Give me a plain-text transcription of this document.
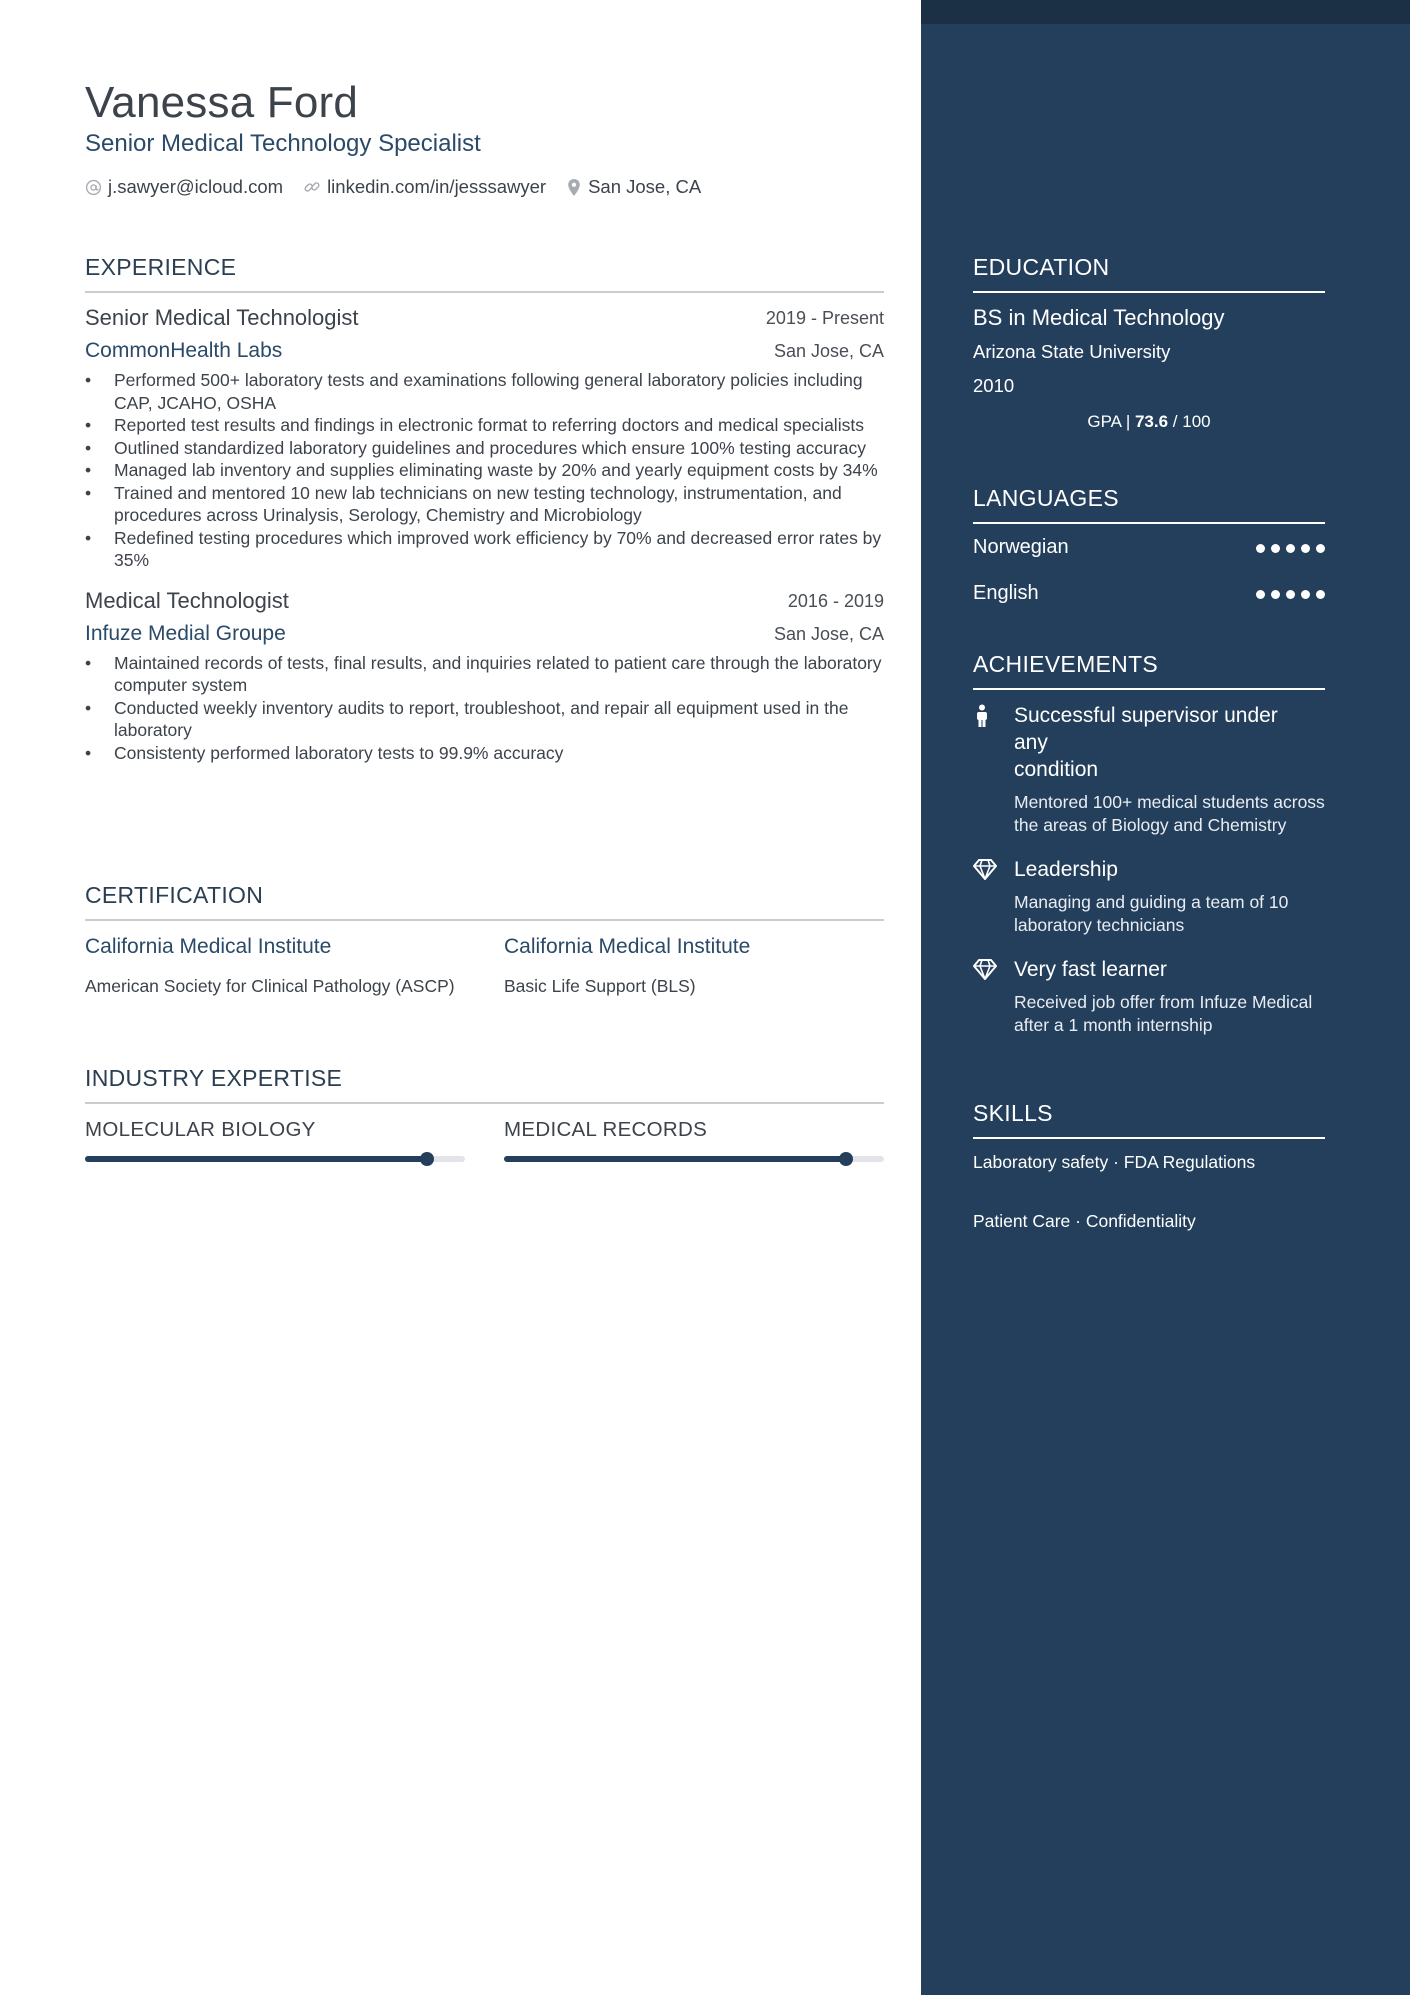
Vanessa Ford
Senior Medical Technology Specialist
j.sawyer@icloud.com linkedin.com/in/jesssawyer San Jose, CA
EXPERIENCE
Senior Medical Technologist	2019 - Present
CommonHealth Labs	San Jose, CA
• Performed 500+ laboratory tests and examinations following general laboratory policies including CAP, JCAHO, OSHA
• Reported test results and findings in electronic format to referring doctors and medical specialists
• Outlined standardized laboratory guidelines and procedures which ensure 100% testing accuracy
• Managed lab inventory and supplies eliminating waste by 20% and yearly equipment costs by 34%
• Trained and mentored 10 new lab technicians on new testing technology, instrumentation, and procedures across Urinalysis, Serology, Chemistry and Microbiology
• Redefined testing procedures which improved work efficiency by 70% and decreased error rates by 35%
Medical Technologist	2016 - 2019
Infuze Medial Groupe	San Jose, CA
• Maintained records of tests, final results, and inquiries related to patient care through the laboratory computer system
• Conducted weekly inventory audits to report, troubleshoot, and repair all equipment used in the laboratory
• Consistenty performed laboratory tests to 99.9% accuracy
CERTIFICATION
California Medical Institute
American Society for Clinical Pathology (ASCP)
California Medical Institute
Basic Life Support (BLS)
INDUSTRY EXPERTISE
MOLECULAR BIOLOGY	MEDICAL RECORDS
EDUCATION
BS in Medical Technology
Arizona State University
2010
GPA | 73.6 / 100
LANGUAGES
Norwegian
English
ACHIEVEMENTS
Successful supervisor under
any
condition
Mentored 100+ medical students across the areas of Biology and Chemistry
Leadership
Managing and guiding a team of 10 laboratory technicians
Very fast learner
Received job offer from Infuze Medical after a 1 month internship
SKILLS
Laboratory safety · FDA Regulations
Patient Care · Confidentiality
